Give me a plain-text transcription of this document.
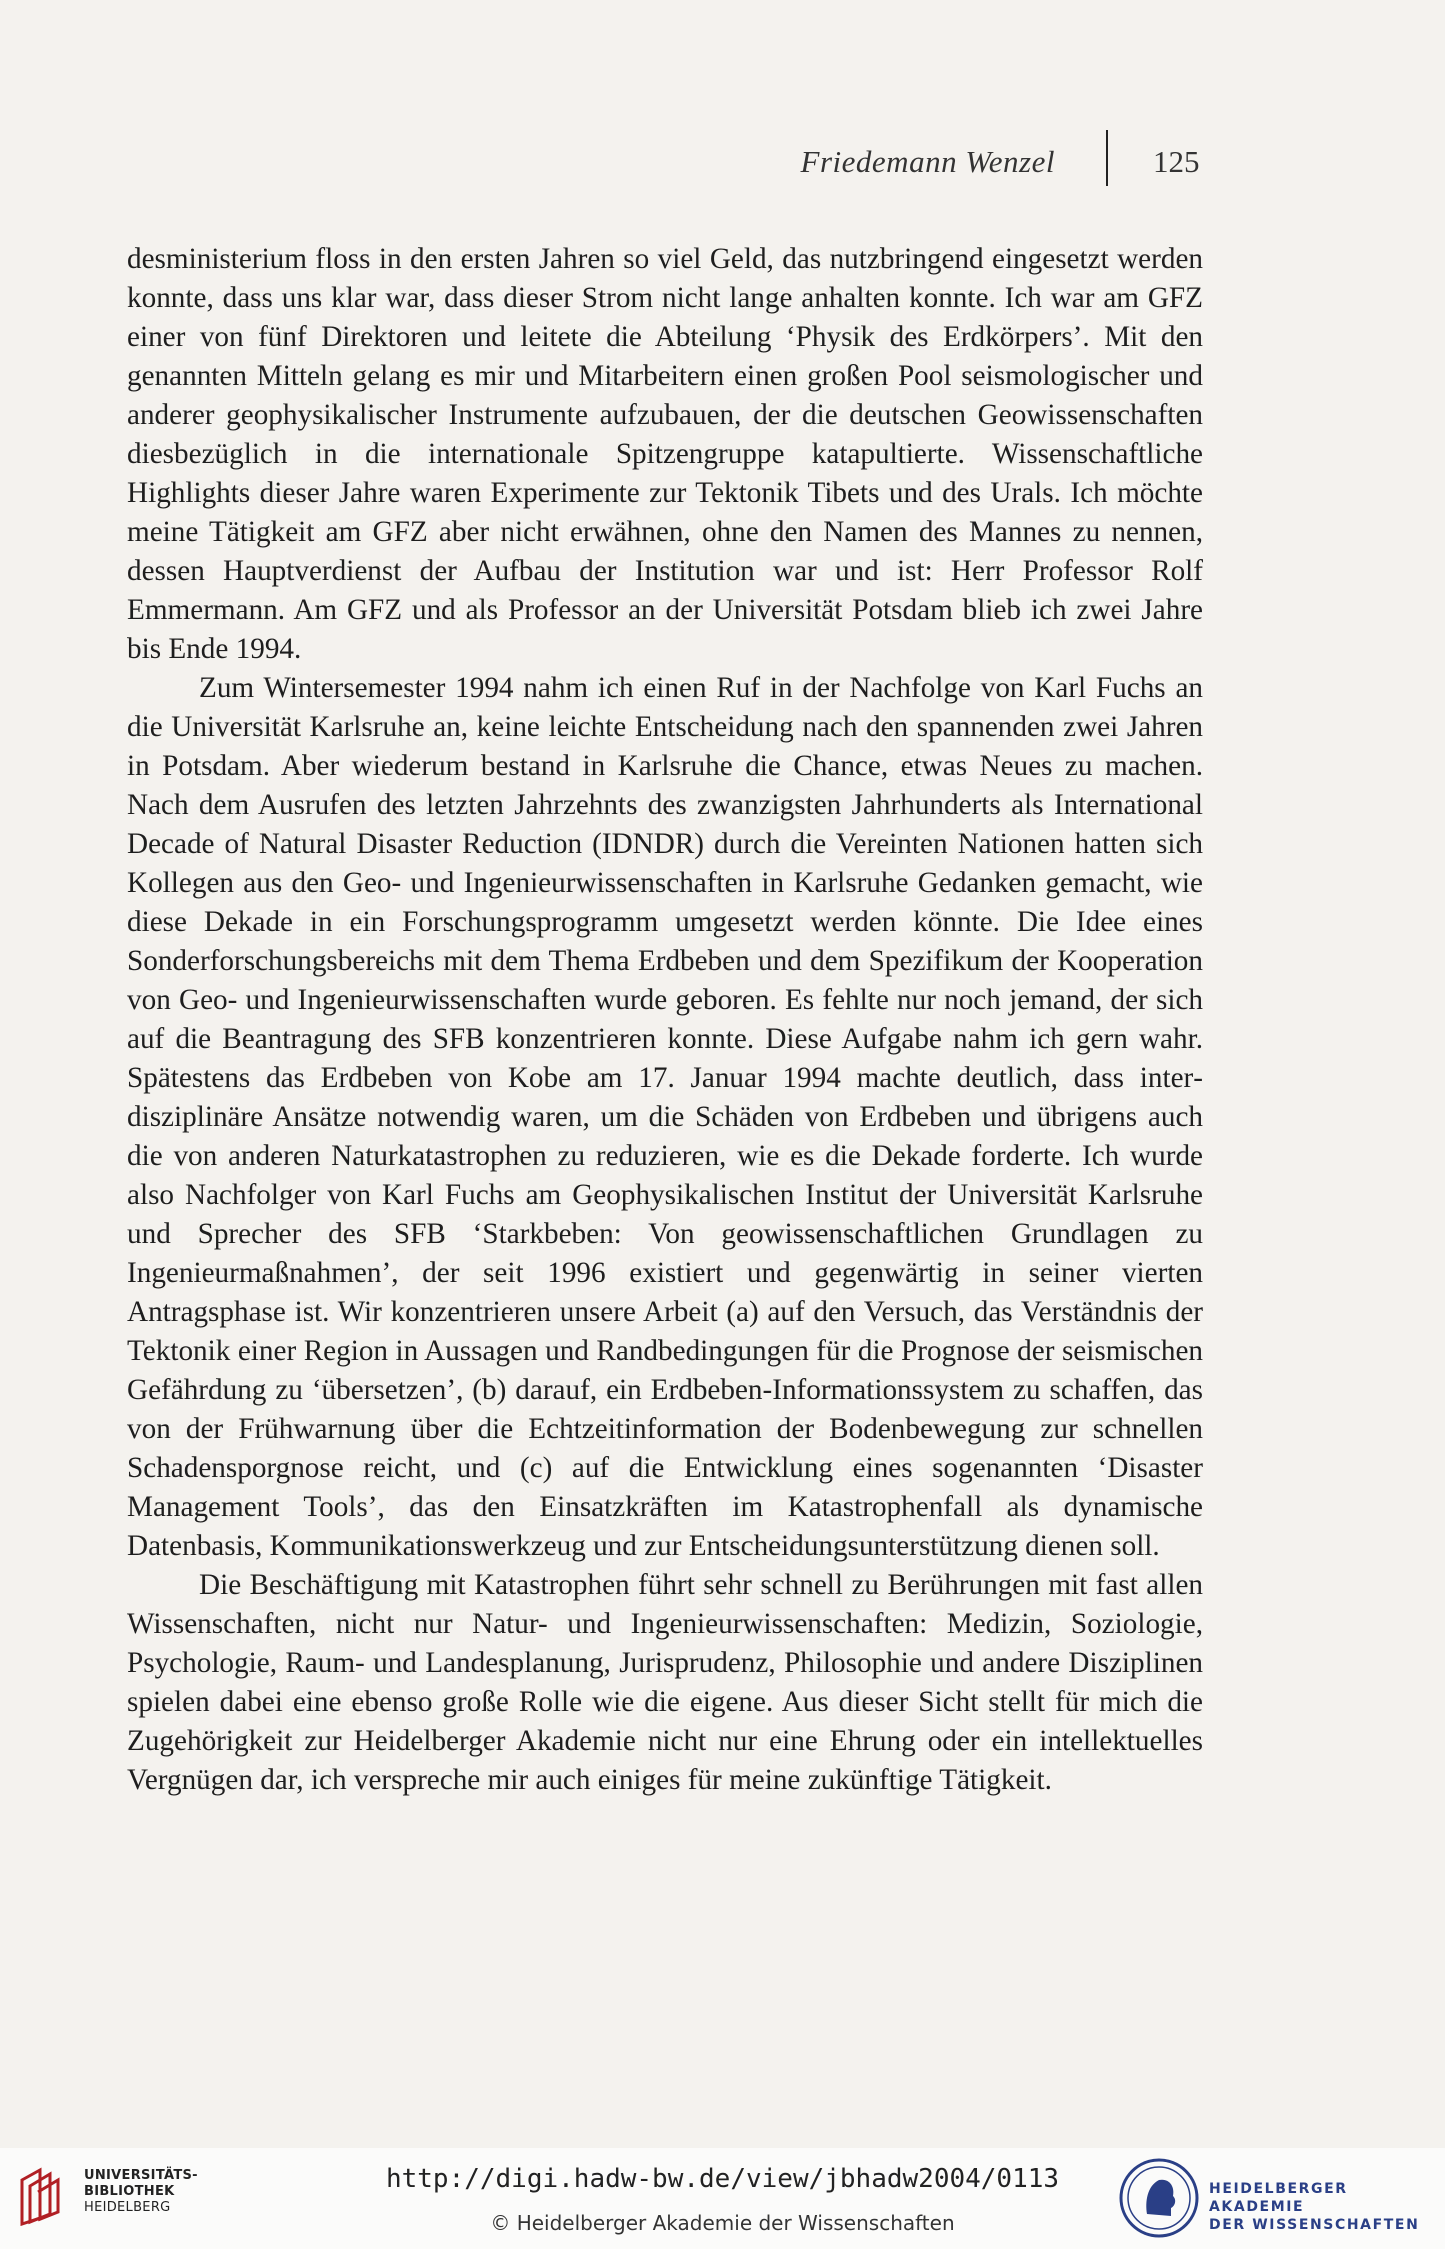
Friedemann Wenzel	125

desministerium floss in den ersten Jahren so viel Geld, das nutzbringend eingesetzt werden konnte, dass uns klar war, dass dieser Strom nicht lange anhalten konnte. Ich war am GFZ einer von fünf Direktoren und leitete die Abteilung ‘Physik des Erdkörpers’. Mit den genannten Mitteln gelang es mir und Mitarbeitern einen großen Pool seismologischer und anderer geophysikalischer Instrumente aufzubauen, der die deutschen Geowissenschaften diesbezüglich in die internationale Spitzengruppe katapultierte. Wissenschaftliche Highlights dieser Jahre waren Experimente zur Tektonik Tibets und des Urals. Ich möchte meine Tätigkeit am GFZ aber nicht erwähnen, ohne den Namen des Mannes zu nennen, dessen Hauptverdienst der Aufbau der Institution war und ist: Herr Professor Rolf Emmermann. Am GFZ und als Professor an der Universität Potsdam blieb ich zwei Jahre bis Ende 1994.

Zum Wintersemester 1994 nahm ich einen Ruf in der Nachfolge von Karl Fuchs an die Universität Karlsruhe an, keine leichte Entscheidung nach den spannenden zwei Jahren in Potsdam. Aber wiederum bestand in Karlsruhe die Chance, etwas Neues zu machen. Nach dem Ausrufen des letzten Jahrzehnts des zwanzigsten Jahrhunderts als International Decade of Natural Disaster Reduction (IDNDR) durch die Vereinten Nationen hatten sich Kollegen aus den Geo- und Ingenieurwissenschaften in Karlsruhe Gedanken gemacht, wie diese Dekade in ein Forschungsprogramm umgesetzt werden könnte. Die Idee eines Sonderforschungsbereichs mit dem Thema Erdbeben und dem Spezifikum der Kooperation von Geo- und Ingenieurwissenschaften wurde geboren. Es fehlte nur noch jemand, der sich auf die Beantragung des SFB konzentrieren konnte. Diese Aufgabe nahm ich gern wahr. Spätestens das Erdbeben von Kobe am 17. Januar 1994 machte deutlich, dass interdisziplinäre Ansätze notwendig waren, um die Schäden von Erdbeben und übrigens auch die von anderen Naturkatastrophen zu reduzieren, wie es die Dekade forderte. Ich wurde also Nachfolger von Karl Fuchs am Geophysikalischen Institut der Universität Karlsruhe und Sprecher des SFB ‘Starkbeben: Von geowissenschaftlichen Grundlagen zu Ingenieurmaßnahmen’, der seit 1996 existiert und gegenwärtig in seiner vierten Antragsphase ist. Wir konzentrieren unsere Arbeit (a) auf den Versuch, das Verständnis der Tektonik einer Region in Aussagen und Randbedingungen für die Prognose der seismischen Gefährdung zu ‘übersetzen’, (b) darauf, ein Erdbeben-Informationssystem zu schaffen, das von der Frühwarnung über die Echtzeitinformation der Bodenbewegung zur schnellen Schadensporgnose reicht, und (c) auf die Entwicklung eines sogenannten ‘Disaster Management Tools’, das den Einsatzkräften im Katastrophenfall als dynamische Datenbasis, Kommunikationswerkzeug und zur Entscheidungsunterstützung dienen soll.

Die Beschäftigung mit Katastrophen führt sehr schnell zu Berührungen mit fast allen Wissenschaften, nicht nur Natur- und Ingenieurwissenschaften: Medizin, Soziologie, Psychologie, Raum- und Landesplanung, Jurisprudenz, Philosophie und andere Disziplinen spielen dabei eine ebenso große Rolle wie die eigene. Aus dieser Sicht stellt für mich die Zugehörigkeit zur Heidelberger Akademie nicht nur eine Ehrung oder ein intellektuelles Vergnügen dar, ich verspreche mir auch einiges für meine zukünftige Tätigkeit.

UNIVERSITÄTS-
BIBLIOTHEK
HEIDELBERG
http://digi.hadw-bw.de/view/jbhadw2004/0113
© Heidelberger Akademie der Wissenschaften
HEIDELBERGER AKADEMIE
DER WISSENSCHAFTEN
